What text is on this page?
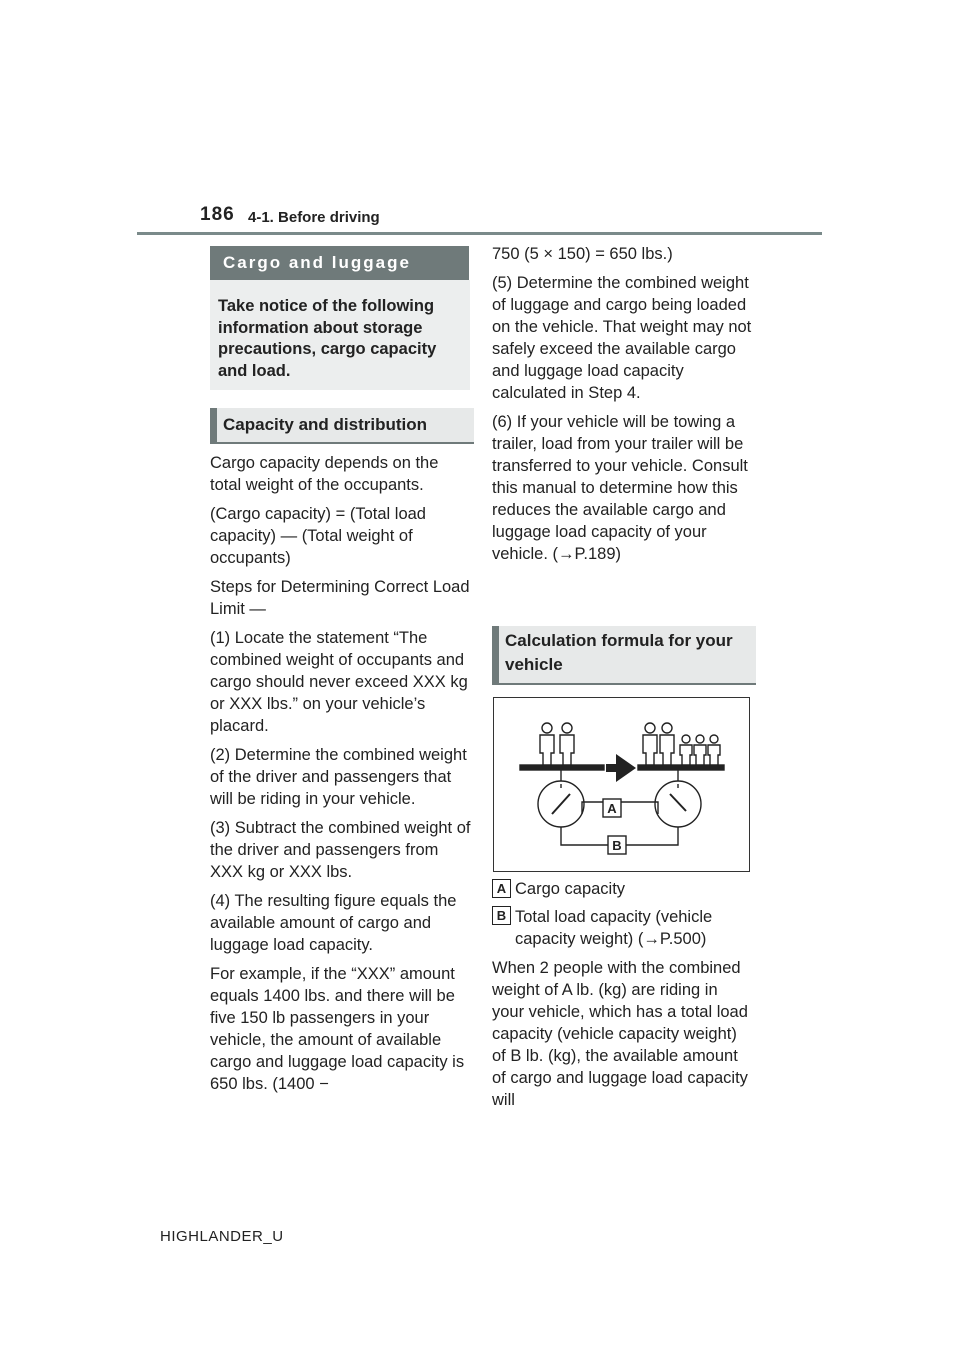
186 4-1. Before driving
Cargo and luggage
Take notice of the following information about storage precautions, cargo capacity and load.
Capacity and distribution

Cargo capacity depends on the total weight of the occupants.

(Cargo capacity) = (Total load capacity) — (Total weight of occupants)

Steps for Determining Correct Load Limit —

(1) Locate the statement “The combined weight of occupants and cargo should never exceed XXX kg or XXX lbs.” on your vehicle’s placard.

(2) Determine the combined weight of the driver and passengers that will be riding in your vehicle.

(3) Subtract the combined weight of the driver and passengers from XXX kg or XXX lbs.

(4) The resulting figure equals the available amount of cargo and luggage load capacity.

For example, if the “XXX” amount equals 1400 lbs. and there will be five 150 lb passengers in your vehicle, the amount of available cargo and luggage load capacity is 650 lbs. (1400 −

750 (5 × 150) = 650 lbs.)

(5) Determine the combined weight of luggage and cargo being loaded on the vehicle. That weight may not safely exceed the available cargo and luggage load capacity calculated in Step 4.

(6) If your vehicle will be towing a trailer, load from your trailer will be transferred to your vehicle. Consult this manual to determine how this reduces the available cargo and luggage load capacity of your vehicle. (→P.189)

Calculation formula for your vehicle
A
B
A Cargo capacity
B Total load capacity (vehicle capacity weight) (→P.500)

When 2 people with the combined weight of A lb. (kg) are riding in your vehicle, which has a total load capacity (vehicle capacity weight) of B lb. (kg), the available amount of cargo and luggage load capacity will

HIGHLANDER_U
